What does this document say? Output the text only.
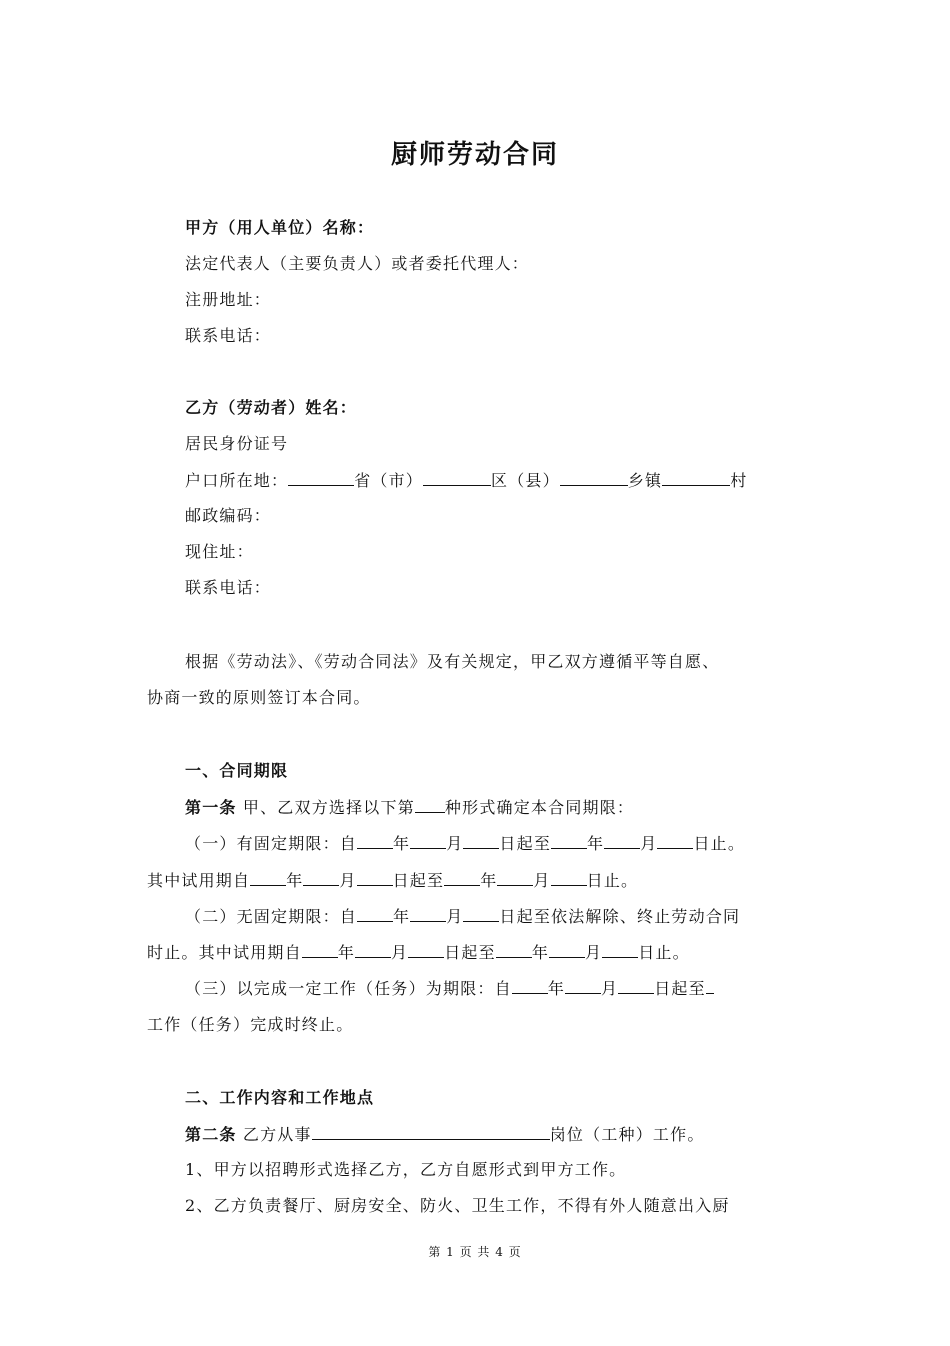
厨师劳动合同
甲方（用人单位）名称：
法定代表人（主要负责人）或者委托代理人：
注册地址：
联系电话：
乙方（劳动者）姓名：
居民身份证号
户口所在地：	省（市）	区（县）	乡镇	村
邮政编码：
现住址：
联系电话：
根据《劳动法》、《劳动合同法》及有关规定，甲乙双方遵循平等自愿、
协商一致的原则签订本合同。
一、合同期限
第一条 甲、乙双方选择以下第 种形式确定本合同期限：
（一）有固定期限：自 年 月 日起至 年 月 日止。
其中试用期自 年 月 日起至 年 月 日止。
（二）无固定期限：自 年 月 日起至依法解除、终止劳动合同
时止。其中试用期自 年 月 日起至 年 月 日止。
（三）以完成一定工作（任务）为期限：自 年 月 日起至
工作（任务）完成时终止。
二、工作内容和工作地点
第二条 乙方从事	岗位（工种）工作。
1、甲方以招聘形式选择乙方，乙方自愿形式到甲方工作。
2、乙方负责餐厅、厨房安全、防火、卫生工作，不得有外人随意出入厨
第 1 页 共 4 页
